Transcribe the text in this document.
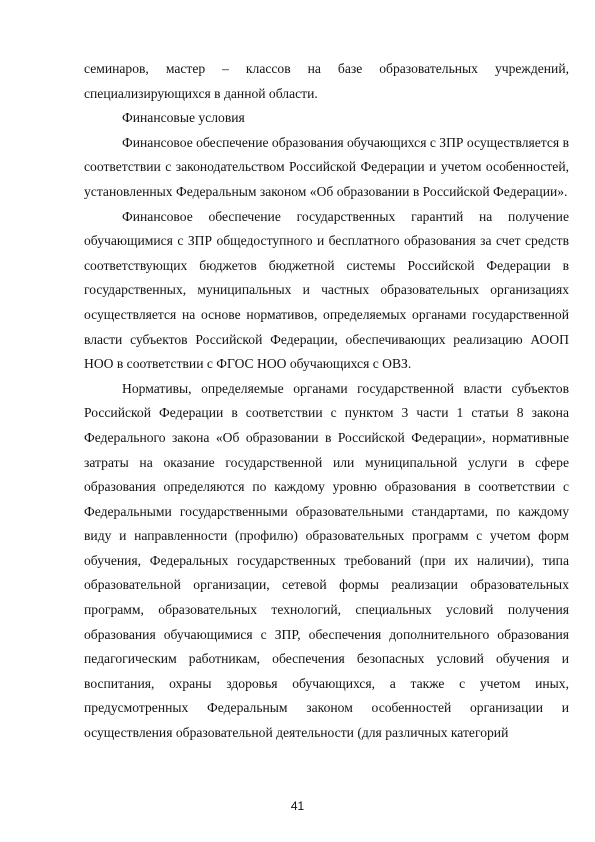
семинаров, мастер – классов на базе образовательных учреждений, специализирующихся в данной области.

Финансовые условия

Финансовое обеспечение образования обучающихся с ЗПР осуществляется в соответствии с законодательством Российской Федерации и учетом особенностей, установленных Федеральным законом «Об образовании в Российской Федерации».

Финансовое обеспечение государственных гарантий на получение обучающимися с ЗПР общедоступного и бесплатного образования за счет средств соответствующих бюджетов бюджетной системы Российской Федерации в государственных, муниципальных и частных образовательных организациях осуществляется на основе нормативов, определяемых органами государственной власти субъектов Российской Федерации, обеспечивающих реализацию АООП НОО в соответствии с ФГОС НОО обучающихся с ОВЗ.

Нормативы, определяемые органами государственной власти субъектов Российской Федерации в соответствии с пунктом 3 части 1 статьи 8 закона Федерального закона «Об образовании в Российской Федерации», нормативные затраты на оказание государственной или муниципальной услуги в сфере образования определяются по каждому уровню образования в соответствии с Федеральными государственными образовательными стандартами, по каждому виду и направленности (профилю) образовательных программ с учетом форм обучения, Федеральных государственных требований (при их наличии), типа образовательной организации, сетевой формы реализации образовательных программ, образовательных технологий, специальных условий получения образования обучающимися с ЗПР, обеспечения дополнительного образования педагогическим работникам, обеспечения безопасных условий обучения и воспитания, охраны здоровья обучающихся, а также с учетом иных, предусмотренных Федеральным законом особенностей организации и осуществления образовательной деятельности (для различных категорий

41
